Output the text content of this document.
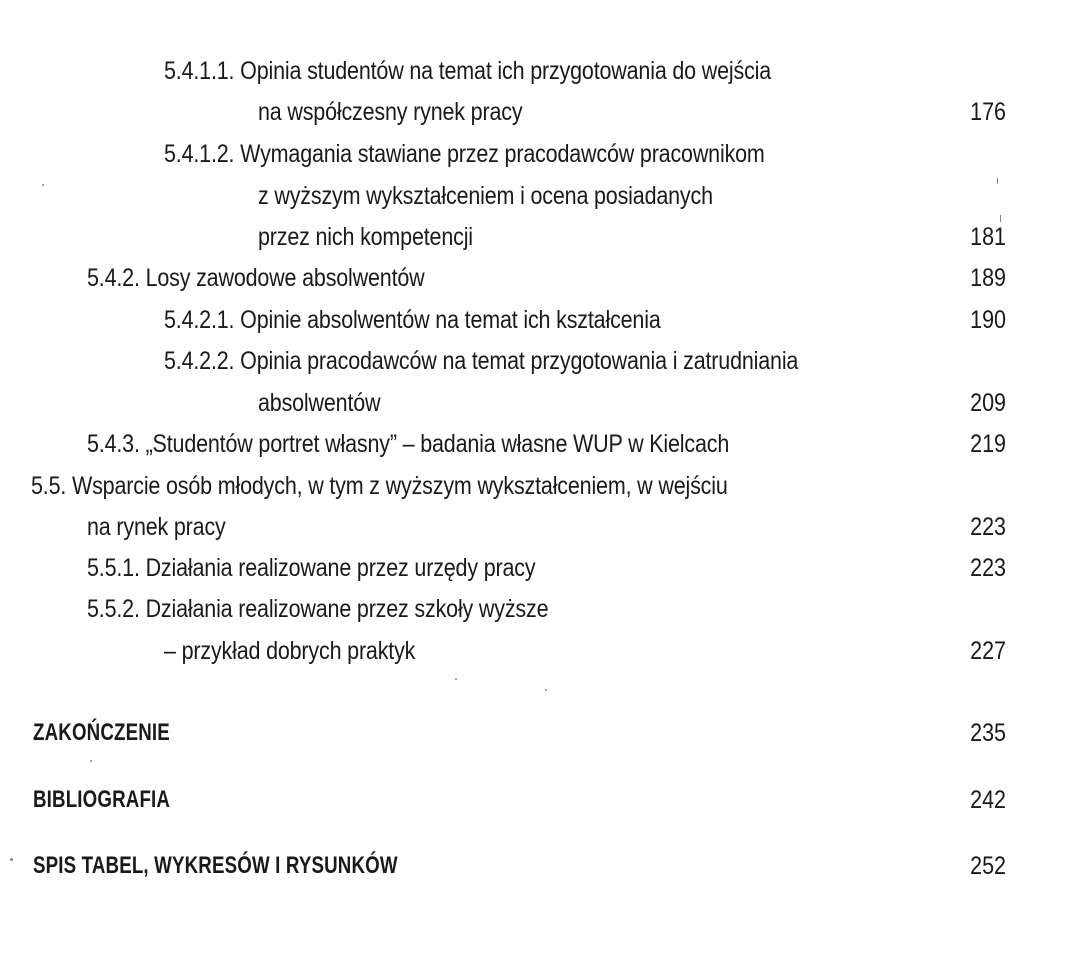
5.4.1.1. Opinia studentów na temat ich przygotowania do wejścia
na współczesny rynek pracy	176
5.4.1.2. Wymagania stawiane przez pracodawców pracownikom
z wyższym wykształceniem i ocena posiadanych
przez nich kompetencji	181
5.4.2. Losy zawodowe absolwentów	189
5.4.2.1. Opinie absolwentów na temat ich kształcenia	190
5.4.2.2. Opinia pracodawców na temat przygotowania i zatrudniania
absolwentów	209
5.4.3. „Studentów portret własny” – badania własne WUP w Kielcach	219
5.5. Wsparcie osób młodych, w tym z wyższym wykształceniem, w wejściu
na rynek pracy	223
5.5.1. Działania realizowane przez urzędy pracy	223
5.5.2. Działania realizowane przez szkoły wyższe
– przykład dobrych praktyk	227
ZAKOŃCZENIE	235
BIBLIOGRAFIA	242
SPIS TABEL, WYKRESÓW I RYSUNKÓW	252
